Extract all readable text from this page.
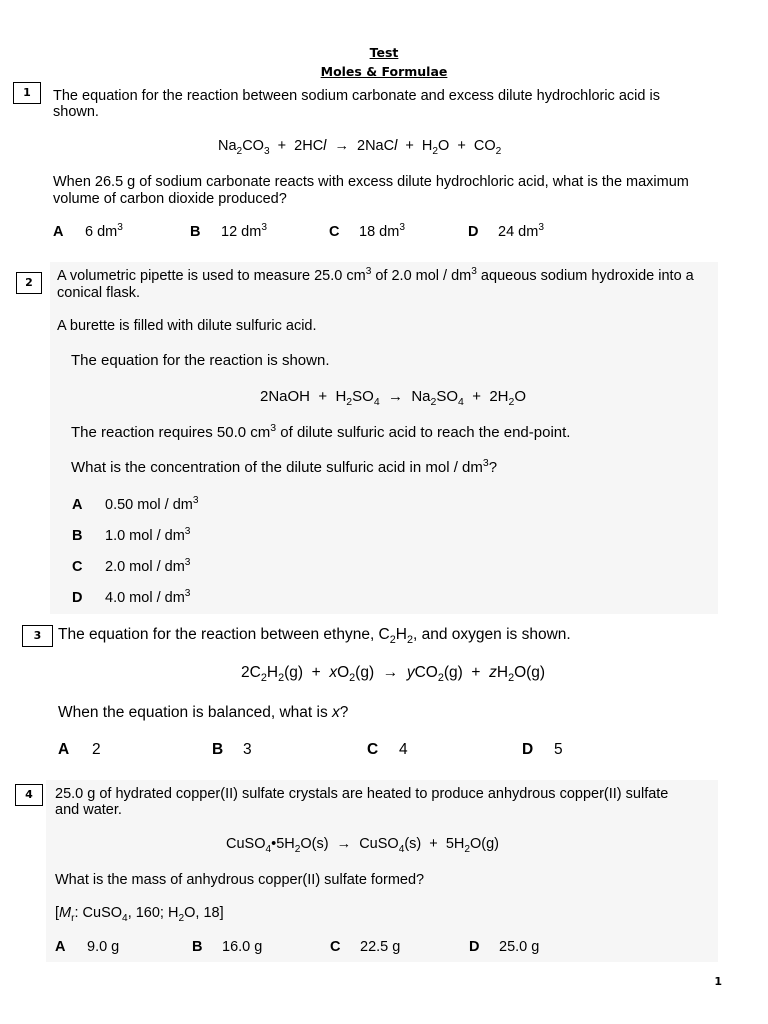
Test
Moles & Formulae
1	The equation for the reaction between sodium carbonate and excess dilute hydrochloric acid is
shown.
$Na_2CO_3 + 2HCl$  →  2NaCl  +  $H_2O + CO_2$
When 26.5 g of sodium carbonate reacts with excess dilute hydrochloric acid, what is the maximum
volume of carbon dioxide produced?
A 6 $dm^3$	B 12 $dm^3$	C 18 $dm^3$	D 24 $dm^3$
2	A volumetric pipette is used to measure 25.0 $cm^3$ of 2.0 mol / $dm^3$ aqueous sodium hydroxide into a
conical flask.
A burette is filled with dilute sulfuric acid.
The equation for the reaction is shown.
2NaOH  +  $H_2SO_4 \to Na_2SO_4 + 2H_2O$
The reaction requires 50.0 $cm^3$ of dilute sulfuric acid to reach the end-point.
What is the concentration of the dilute sulfuric acid in mol / $dm^3$?
A 0.50 mol / $dm^3$
B 1.0 mol / $dm^3$
C 2.0 mol / $dm^3$
D 4.0 mol / $dm^3$
3	The equation for the reaction between ethyne, $C_2H_2$, and oxygen is shown.
$2C_2H_2(g) + xO_2(g) \to yCO_2(g) + zH_2O(g)$
When the equation is balanced, what is x?
A 2	B 3	C 4	D 5
4	25.0 g of hydrated copper(II) sulfate crystals are heated to produce anhydrous copper(II) sulfate
and water.
$CuSO_4•5H_2O(s)$  →  CuSO$_4$(s)  +  $5H_2O(g)$
What is the mass of anhydrous copper(II) sulfate formed?
[$M_r$: CuSO$_4$, 160; $H_2O$, 18]
A 9.0 g	B 16.0 g	C 22.5 g	D 25.0 g
1
